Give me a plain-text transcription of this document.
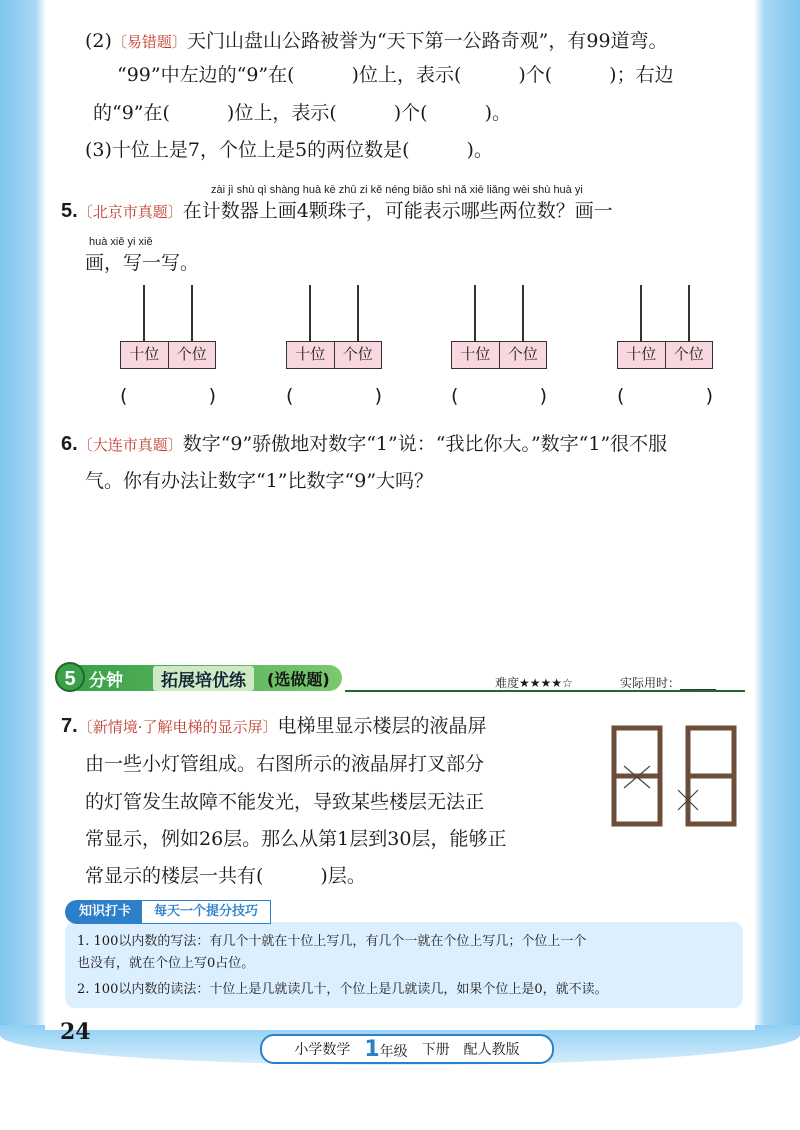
(2)〔易错题〕天门山盘山公路被誉为“天下第一公路奇观”，有99道弯。
“99”中左边的“9”在(　　　)位上，表示(　　　)个(　　　)；右边
的“9”在(　　　)位上，表示(　　　)个(　　　)。
(3)十位上是7，个位上是5的两位数是(　　　)。
zài jì shù qì shàng huà kē zhū zi kě néng biǎo shì nǎ xiē liǎng wèi shù huà yi
5.〔北京市真题〕在计数器上画4颗珠子，可能表示哪些两位数？画一
huà xiě yi xiě
画，写一写。
十位	个位
(	)
十位	个位
(	)
十位	个位
(	)
十位	个位
(	)
6.〔大连市真题〕数字“9”骄傲地对数字“1”说：“我比你大。”数字“1”很不服
气。你有办法让数字“1”比数字“9”大吗？
5 分钟	拓展培优练	(选做题)	难度★★★★☆	实际用时：______
7.〔新情境·了解电梯的显示屏〕电梯里显示楼层的液晶屏
由一些小灯管组成。右图所示的液晶屏打叉部分
的灯管发生故障不能发光，导致某些楼层无法正
常显示，例如26层。那么从第1层到30层，能够正
常显示的楼层一共有(　　　)层。
1. 100以内数的写法：有几个十就在十位上写几，有几个一就在个位上写几；个位上一个
也没有，就在个位上写0占位。
2. 100以内数的读法：十位上是几就读几十，个位上是几就读几，如果个位上是0，就不读。
知识打卡	每天一个提分技巧
24
小学数学 1年级 下册 配人教版
